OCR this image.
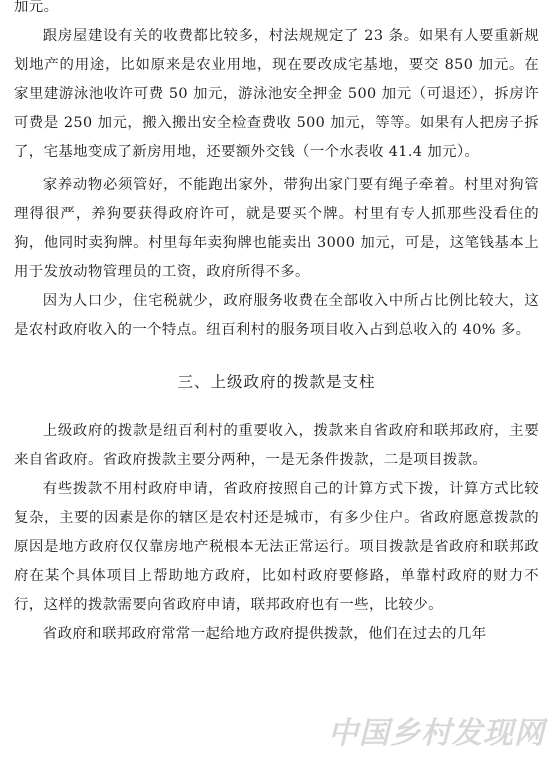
加元。

跟房屋建设有关的收费都比较多，村法规规定了 23 条。如果有人要重新规划地产的用途，比如原来是农业用地，现在要改成宅基地，要交 850 加元。在家里建游泳池收许可费 50 加元，游泳池安全押金 500 加元（可退还），拆房许可费是 250 加元，搬入搬出安全检查费收 500 加元，等等。如果有人把房子拆了，宅基地变成了新房用地，还要额外交钱（一个水表收 41.4 加元）。

家养动物必须管好，不能跑出家外，带狗出家门要有绳子牵着。村里对狗管理得很严，养狗要获得政府许可，就是要买个牌。村里有专人抓那些没看住的狗，他同时卖狗牌。村里每年卖狗牌也能卖出 3000 加元，可是，这笔钱基本上用于发放动物管理员的工资，政府所得不多。

因为人口少，住宅税就少，政府服务收费在全部收入中所占比例比较大，这是农村政府收入的一个特点。纽百利村的服务项目收入占到总收入的 40% 多。

三、上级政府的拨款是支柱

上级政府的拨款是纽百利村的重要收入，拨款来自省政府和联邦政府，主要来自省政府。省政府拨款主要分两种，一是无条件拨款，二是项目拨款。

有些拨款不用村政府申请，省政府按照自己的计算方式下拨，计算方式比较复杂，主要的因素是你的辖区是农村还是城市，有多少住户。省政府愿意拨款的原因是地方政府仅仅靠房地产税根本无法正常运行。项目拨款是省政府和联邦政府在某个具体项目上帮助地方政府，比如村政府要修路，单靠村政府的财力不行，这样的拨款需要向省政府申请，联邦政府也有一些，比较少。

省政府和联邦政府常常一起给地方政府提供拨款，他们在过去的几年

中国乡村发现网
